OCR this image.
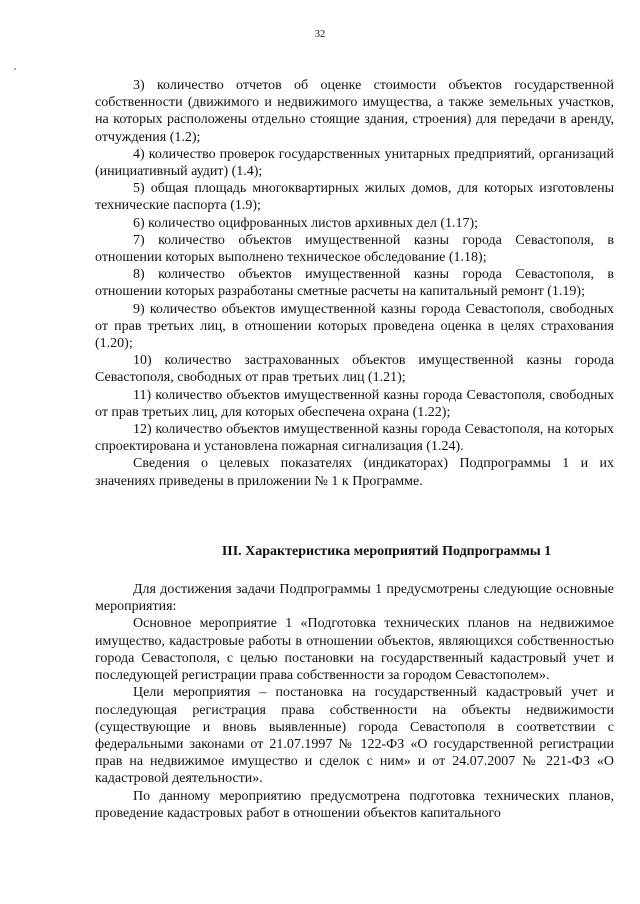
32

3) количество отчетов об оценке стоимости объектов государственной собственности (движимого и недвижимого имущества, а также земельных участков, на которых расположены отдельно стоящие здания, строения) для передачи в аренду, отчуждения (1.2);

4) количество проверок государственных унитарных предприятий, организаций (инициативный аудит) (1.4);

5) общая площадь многоквартирных жилых домов, для которых изготовлены технические паспорта (1.9);

6) количество оцифрованных листов архивных дел (1.17);

7) количество объектов имущественной казны города Севастополя, в отношении которых выполнено техническое обследование (1.18);

8) количество объектов имущественной казны города Севастополя, в отношении которых разработаны сметные расчеты на капитальный ремонт (1.19);

9) количество объектов имущественной казны города Севастополя, свободных от прав третьих лиц, в отношении которых проведена оценка в целях страхования (1.20);

10) количество застрахованных объектов имущественной казны города Севастополя, свободных от прав третьих лиц (1.21);

11) количество объектов имущественной казны города Севастополя, свободных от прав третьих лиц, для которых обеспечена охрана (1.22);

12) количество объектов имущественной казны города Севастополя, на которых спроектирована и установлена пожарная сигнализация (1.24).

Сведения о целевых показателях (индикаторах) Подпрограммы 1 и их значениях приведены в приложении № 1 к Программе.

III. Характеристика мероприятий Подпрограммы 1

Для достижения задачи Подпрограммы 1 предусмотрены следующие основные мероприятия:

Основное мероприятие 1 «Подготовка технических планов на недвижимое имущество, кадастровые работы в отношении объектов, являющихся собственностью города Севастополя, с целью постановки на государственный кадастровый учет и последующей регистрации права собственности за городом Севастополем».

Цели мероприятия – постановка на государственный кадастровый учет и последующая регистрация права собственности на объекты недвижимости (существующие и вновь выявленные) города Севастополя в соответствии с федеральными законами от 21.07.1997 № 122-ФЗ «О государственной регистрации прав на недвижимое имущество и сделок с ним» и от 24.07.2007 № 221-ФЗ «О кадастровой деятельности».

По данному мероприятию предусмотрена подготовка технических планов, проведение кадастровых работ в отношении объектов капитального
